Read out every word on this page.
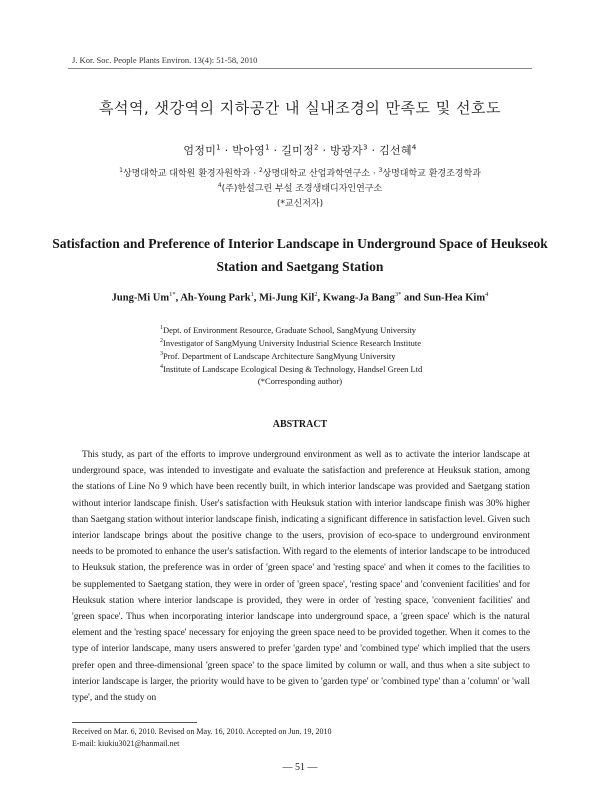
J. Kor. Soc. People Plants Environ. 13(4): 51-58, 2010
흑석역, 샛강역의 지하공간 내 실내조경의 만족도 및 선호도
엄정미$^1$ · 박아영$^1$ · 길미정$^2$ · 방광자$^3$ · 김선혜$^4$
$^1$상명대학교 대학원 환경자원학과 · $^2$상명대학교 산업과학연구소 · $^3$상명대학교 환경조경학과
$^4$(주)한설그린 부설 조경생태디자인연구소
(*교신저자)
Satisfaction and Preference of Interior Landscape in Underground Space of Heukseok Station and Saetgang Station
Jung-Mi $Um^{1*}$, Ah-Young Park$^1$, Mi-Jung Kil$^2$, Kwang-Ja Bang$^{3*}$ and Sun-Hea Kim$^4$
$^1$Dept. of Environment Resource, Graduate School, SangMyung University
$^2$Investigator of SangMyung University Industrial Science Research Institute
$^3$Prof. Department of Landscape Architecture SangMyung University
$^4$Institute of Landscape Ecological Desing & Technology, Handsel Green Ltd
(*Corresponding author)
ABSTRACT

This study, as part of the efforts to improve underground environment as well as to activate the interior landscape at underground space, was intended to investigate and evaluate the satisfaction and preference at Heuksuk station, among the stations of Line No 9 which have been recently built, in which interior landscape was provided and Saetgang station without interior landscape finish. User's satisfaction with Heuksuk station with interior landscape finish was 30% higher than Saetgang station without interior landscape finish, indicating a significant difference in satisfaction level. Given such interior landscape brings about the positive change to the users, provision of eco-space to underground environment needs to be promoted to enhance the user's satisfaction. With regard to the elements of interior landscape to be introduced to Heuksuk station, the preference was in order of 'green space' and 'resting space' and when it comes to the facilities to be supplemented to Saetgang station, they were in order of 'green space', 'resting space' and 'convenient facilities' and for Heuksuk station where interior landscape is provided, they were in order of 'resting space, 'convenient facilities' and 'green space'. Thus when incorporating interior landscape into underground space, a 'green space' which is the natural element and the 'resting space' necessary for enjoying the green space need to be provided together. When it comes to the type of interior landscape, many users answered to prefer 'garden type' and 'combined type' which implied that the users prefer open and three-dimensional 'green space' to the space limited by column or wall, and thus when a site subject to interior landscape is larger, the priority would have to be given to 'garden type' or 'combined type' than a 'column' or 'wall type', and the study on

Received on Mar. 6, 2010. Revised on May. 16, 2010. Accepted on Jun. 19, 2010
E-mail: kiukiu3021@hanmail.net
— 51 —
